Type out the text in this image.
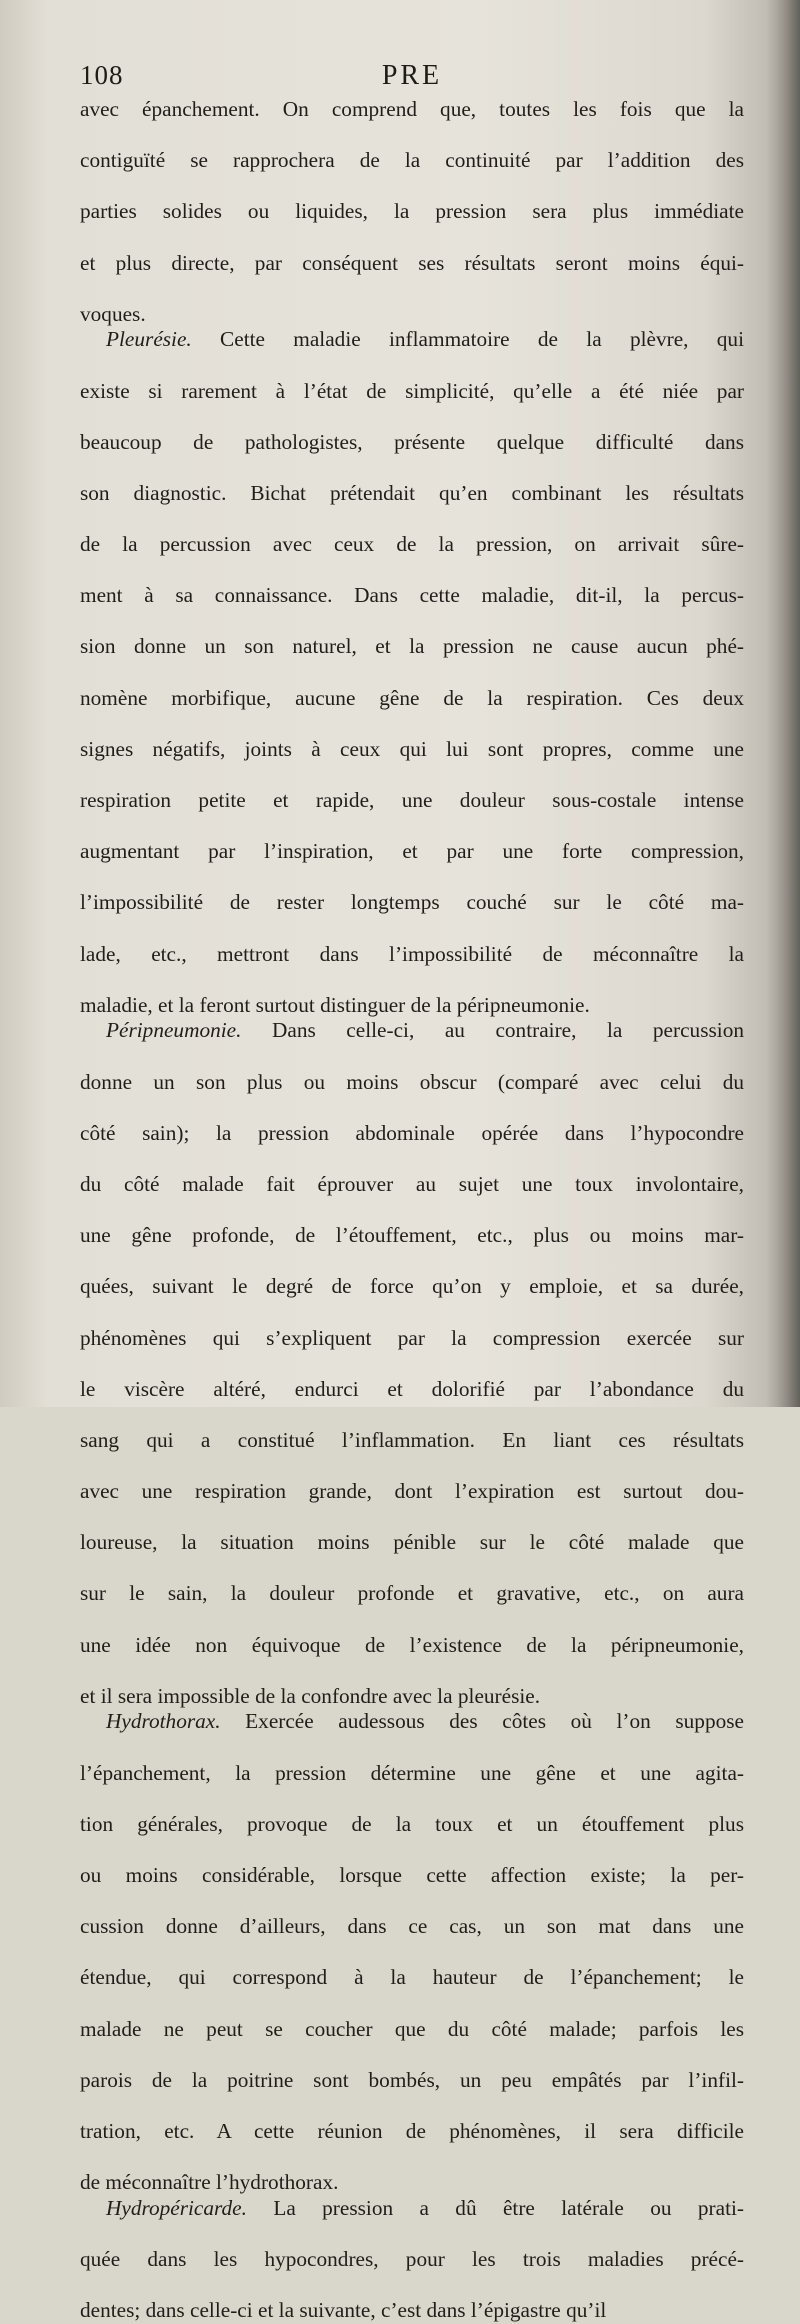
108	PRE

avec épanchement. On comprend que, toutes les fois que la  contiguïté se rapprochera de la continuité par l’addition des  parties solides ou liquides, la pression sera plus immédiate  et plus directe, par conséquent ses résultats seront moins équi-  voques.

Pleurésie. Cette maladie inflammatoire de la plèvre, qui  existe si rarement à l’état de simplicité, qu’elle a été niée par  beaucoup de pathologistes, présente quelque difficulté dans  son diagnostic. Bichat prétendait qu’en combinant les résultats  de la percussion avec ceux de la pression, on arrivait sûre-  ment à sa connaissance. Dans cette maladie, dit-il, la percus-  sion donne un son naturel, et la pression ne cause aucun phé-  nomène morbifique, aucune gêne de la respiration. Ces deux  signes négatifs, joints à ceux qui lui sont propres, comme une  respiration petite et rapide, une douleur sous-costale intense  augmentant par l’inspiration, et par une forte compression,  l’impossibilité de rester longtemps couché sur le côté ma-  lade, etc., mettront dans l’impossibilité de méconnaître la  maladie, et la feront surtout distinguer de la péripneumonie.

Péripneumonie. Dans celle-ci, au contraire, la percussion  donne un son plus ou moins obscur (comparé avec celui du  côté sain); la pression abdominale opérée dans l’hypocondre  du côté malade fait éprouver au sujet une toux involontaire,  une gêne profonde, de l’étouffement, etc., plus ou moins mar-  quées, suivant le degré de force qu’on y emploie, et sa durée,  phénomènes qui s’expliquent par la compression exercée sur  le viscère altéré, endurci et dolorifié par l’abondance du  sang qui a constitué l’inflammation. En liant ces résultats  avec une respiration grande, dont l’expiration est surtout dou-  loureuse, la situation moins pénible sur le côté malade que  sur le sain, la douleur profonde et gravative, etc., on aura  une idée non équivoque de l’existence de la péripneumonie,  et il sera impossible de la confondre avec la pleurésie.

Hydrothorax. Exercée audessous des côtes où l’on suppose  l’épanchement, la pression détermine une gêne et une agita-  tion générales, provoque de la toux et un étouffement plus  ou moins considérable, lorsque cette affection existe; la per-  cussion donne d’ailleurs, dans ce cas, un son mat dans une  étendue, qui correspond à la hauteur de l’épanchement; le  malade ne peut se coucher que du côté malade; parfois les  parois de la poitrine sont bombés, un peu empâtés par l’infil-  tration, etc. A cette réunion de phénomènes, il sera difficile  de méconnaître l’hydrothorax.

Hydropéricarde. La pression a dû être latérale ou prati-  quée dans les hypocondres, pour les trois maladies précé-  dentes; dans celle-ci et la suivante, c’est dans l’épigastre qu’il
